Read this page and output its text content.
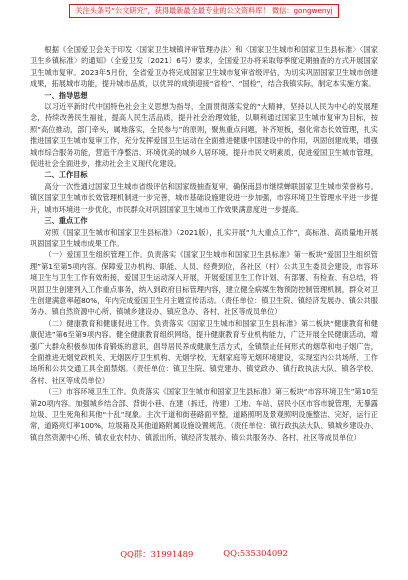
关注头条号“公文研究”，获得最新最全最专业的公文资料库！ 微信：gongwenyj

根据《全国爱卫会关于印发〈国家卫生城镇评审管理办法〉和〈国家卫生城市和国家卫生县标准〉〈国家卫生乡镇标准〉的通知》（全爱卫发〔2021〕6号）要求，全国爱卫办将采取每季度定期抽查的方式开展国家卫生城市复审。2023年5月份，全省爱卫办将完成国家卫生城市复审省级评估，为切实巩固国家卫生城市创建成果，拓展城市功能，提升城市品质，以优异的成绩迎接“省检”、“国检”，结合我镇实际，制定本实施方案。

一、指导思想

以习近平新时代中国特色社会主义思想为指导，全面贯彻落实党的“大精神，坚持以人民为中心的发展理念，持续改善民生福祉，提高人民生活品质，提升社会治理效能，以顺利通过国家卫生城市复审为目标，按照“高位推动，部门牵头，属地落实，全民参与”的原则，聚焦重点问题，补齐短板，强化常态长效管理，扎实推进国家卫生城市复审工作，充分发挥爱国卫生运动在全面推进健康中国建设中的作用，巩固创建成果，增强城市综合服务功能，营造干净整洁、环境优美的城乡人居环境。提升市民文明素质，促进爱国卫生城市管理，促进社会全面进步，推动社会主义现代化建设。

二、工作目标

高分一次性通过国家卫生城市省级评估和国家级抽查复审，确保南县市继续蝉联国家卫生城市荣誉称号。镇区国家卫生城市长效管理机制进一步完善，城市基础设施建设进一步加强，市容环境卫生管理水平进一步提升，城市环境进一步优化，市民群众对巩固国家卫生城市工作效果满意度进一步提高。

三、重点工作

对照《国家卫生城市和国家卫生县标准》（2021版），扎实开展“九大重点工作”，高标准、高质量地开展巩固国家卫生城市成果工作。

（一）爱国卫生组织管理工作。负责落实《国家卫生城市和国家卫生县标准》第一板块“爱国卫生组织管理”第1至第5项内容。保障爱卫办机构、职能、人员、经费到位，各社区（村）公共卫生委员会建设，市容环境卫生与卫生工作有效衔接，爱国卫生运动深入开展，开展爱国卫生工作计划、有部署、有检查、有总结，将巩固卫生创建列入工作重点事务，纳入到政府目标管理内容，建立健全病媒生物预防控制管理机制，群众对卫生创建满意率超80%，年内完成爱国卫生月主题宣传活动。（责任单位：镇卫生院、镇经济发展办、镇公共服务办、镇自然资源中心所、镇城乡建设办、镇应急办、各村、社区等成员单位）

（二）健康教育和健康促进工作。负责落实《国家卫生城市和国家卫生县标准》第二板块“健康教育和健康促进”第6至第9项内容。健全健康教育组织网络，提升健康教育专业机构能力，广泛开展全民健康活动，增强广大群众积极参加体育锻炼的意识，倡导居民养成健康生活方式，全镇禁止任何形式的烟草和电子烟广告，全面推进无烟党政机关、无烟医疗卫生机构、无烟学校、无烟家庭等无烟环境建设，实现室内公共场所、工作场所和公共交通工具全面禁烟。（责任单位：镇卫生院、镇党建办、镇党政办、镇行政执法大队、镇各学校、各村、社区等成员单位）

（三）市容环境卫生工作。负责落实《国家卫生城市和国家卫生县标准》第三板块“市容环境卫生”第10至第20项内容。加强城乡结合部、背街小巷、在建（拆迁、待建）工地、车站、居民小区市容市貌管理，无暴露垃圾、卫生死角和其他“十乱”现象。主次干道和街巷路面平整，道路照明及景观照明设施整洁、完好，运行正常，道路亮灯率100%，垃圾箱及其他道路附属设施设置规范。（责任单位：镇行政执法大队、镇城乡建设办、镇自然资源中心所、镇农业农村办、镇派出所、镇经济发展办、镇公共服务办、各村、社区等成员单位）

QQ群：31991489	QQ:535304092
